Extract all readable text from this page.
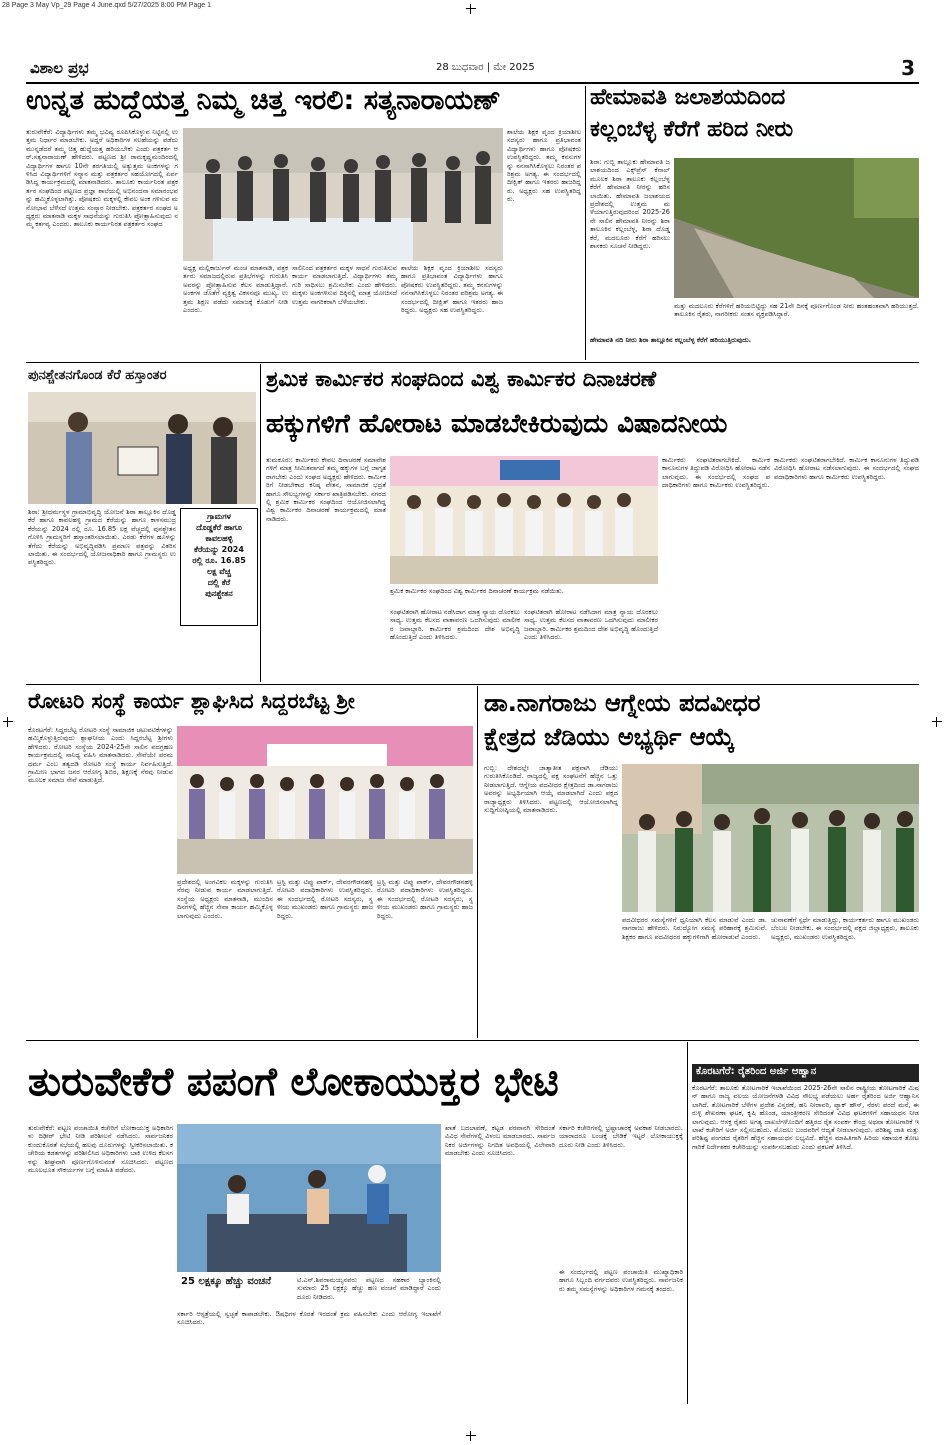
28 Page 3 May Vp_29 Page 4 June.qxd 5/27/2025 8:00 PM Page 1
ವಿಶಾಲ ಪ್ರಭ	28 ಬುಧವಾರ | ಮೇ 2025	3
ಉನ್ನತ ಹುದ್ದೆಯತ್ತ ನಿಮ್ಮ ಚಿತ್ತ ಇರಲಿ: ಸತ್ಯನಾರಾಯಣ್
ತುರುವೇಕೆರೆ: ವಿದ್ಯಾರ್ಥಿಗಳು ತಮ್ಮ ಭವಿಷ್ಯ ರೂಪಿಸಿಕೊಳ್ಳುವ ನಿಟ್ಟಿನಲ್ಲಿ ಉತ್ತಮ ನಿರ್ಧಾರ ಮಾಡಬೇಕು. ಅದ್ದರೆ ಅಧಿಕಾರಿಗಳ ಸಲಹೆಯನ್ನು ಪಡೆದು ಮುನ್ನಡೆದರೆ ತಮ್ಮ ಚಿತ್ತ ಹುದ್ದೆಯತ್ತ ಹರಿಯಬೇಕು ಎಂದು ಪತ್ರಕರ್ತ ಆರ್.ಸತ್ಯನಾರಾಯಣ್ ಹೇಳಿದರು. ಪಟ್ಟಣದ ಶ್ರೀ ರಾಮಕೃಷ್ಣಮಂದಿರದಲ್ಲಿ ವಿದ್ಯಾರ್ಥಿಗಳ ಹಾಗೂ 10ನೇ ತರಗತಿಯಲ್ಲಿ ಅತ್ಯುತ್ತಮ ಅಂಕಗಳನ್ನು ಗಳಿಸಿದ ವಿದ್ಯಾರ್ಥಿಗಳಿಗೆ ಸನ್ಮಾನ ಮತ್ತು ಪತ್ರಕರ್ತರ ಸಹಯೋಗದಲ್ಲಿ ಏರ್ಪಡಿಸಿದ್ದ ಕಾರ್ಯಕ್ರಮದಲ್ಲಿ ಮಾತನಾಡಿದರು. ತಾಲೂಕು ಕಾರ್ಯನಿರತ ಪತ್ರಕರ್ತರ ಸಂಘದಿಂದ ಪಟ್ಟಣದ ಪ್ರಜ್ಞಾ ಶಾಲೆಯಲ್ಲಿ ಅಭಿನಂದನಾ ಸಮಾರಂಭವನ್ನು ಹಮ್ಮಿಕೊಳ್ಳಲಾಗಿತ್ತು. ಪೋಷಕರು ಮಕ್ಕಳಲ್ಲಿ ಕೇವಲ ಅಂಕ ಗಳಿಸುವ ಮನೋಭಾವ ಬೆಳೆಸದೆ ಉತ್ತಮ ಸಂಸ್ಕಾರ ನೀಡಬೇಕು. ಪತ್ರಕರ್ತರ ಸಂಘದ ಅಧ್ಯಕ್ಷರು ಮಾತನಾಡಿ ಮಕ್ಕಳ ಸಾಧನೆಯನ್ನು ಗುರುತಿಸಿ ಪ್ರೋತ್ಸಾಹಿಸುವುದು ನಮ್ಮ ಕರ್ತವ್ಯ ಎಂದರು. ತಾಲೂಕು ಕಾರ್ಯನಿರತ ಪತ್ರಕರ್ತರ ಸಂಘದ
ಅಧ್ಯಕ್ಷ ಮಲ್ಲಿಕಾರ್ಜುನ್ ಮಂಚ ಮಾತನಾಡಿ, ಪತ್ರಕರ್ತರು ಸಮಾಜದಲ್ಲಿರುವ ಪ್ರತಿಭೆಗಳನ್ನು ಗುರುತಿಸಿ ಅವರನ್ನು ಪ್ರೋತ್ಸಾಹಿಸುವ ಕೆಲಸ ಮಾಡುತ್ತಿದ್ದಾರೆ. ಅಂಕಗಳ ಜೊತೆಗೆ ವ್ಯಕ್ತಿತ್ವ ವಿಕಸನವೂ ಮುಖ್ಯ. ಉತ್ತಮ ಶಿಕ್ಷಣ ಪಡೆದು ಸಮಾಜಕ್ಕೆ ಕೊಡುಗೆ ನೀಡಿ ಎಂದರು.
ಸಾಲಿನಿಂದ ಪತ್ರಕರ್ತರ ಮಕ್ಕಳ ಸಾಧನೆ ಗುರುತಿಸುವ ಕಾರ್ಯ ಮಾಡಲಾಗುತ್ತಿದೆ. ವಿದ್ಯಾರ್ಥಿಗಳು ತಮ್ಮ ಗುರಿ ಸಾಧಿಸಲು ಶ್ರಮಿಸಬೇಕು ಎಂದು ಹೇಳಿದರು. ಮಕ್ಕಳು ಅಂಕಗಳಿಸುವ ದಿಕ್ಕಿನಲ್ಲಿ ಮಾತ್ರ ಯೋಚಿಸದೆ ಉತ್ತಮ ನಾಗರಿಕರಾಗಿ ಬೆಳೆಯಬೇಕು.
ಶಾಲೆಯ ಶಿಕ್ಷಕ ವೃಂದ ಕ್ರಿಯಾಶೀಲ ಸದಸ್ಯರು ಹಾಗೂ ಪ್ರತಿಭಾವಂತ ವಿದ್ಯಾರ್ಥಿಗಳು ಹಾಗೂ ಪೋಷಕರು ಉಪಸ್ಥಿತರಿದ್ದರು. ತಮ್ಮ ಕನಸುಗಳನ್ನು ನನಸಾಗಿಸಿಕೊಳ್ಳಲು ನಿರಂತರ ಪರಿಶ್ರಮ ಅಗತ್ಯ. ಈ ಸಂದರ್ಭದಲ್ಲಿ ದೀಕ್ಷಿತ್ ಹಾಗೂ ಇತರರು ಹಾಜರಿದ್ದರು. ಅಧ್ಯಕ್ಷರು ಸಹ ಉಪಸ್ಥಿತರಿದ್ದರು.
ಶಾಲೆಯ ಶಿಕ್ಷಕ ವೃಂದ ಕ್ರಿಯಾಶೀಲ ಸದಸ್ಯರು ಹಾಗೂ ಪ್ರತಿಭಾವಂತ ವಿದ್ಯಾರ್ಥಿಗಳು ಹಾಗೂ ಪೋಷಕರು ಉಪಸ್ಥಿತರಿದ್ದರು. ತಮ್ಮ ಕನಸುಗಳನ್ನು ನನಸಾಗಿಸಿಕೊಳ್ಳಲು ನಿರಂತರ ಪರಿಶ್ರಮ ಅಗತ್ಯ. ಈ ಸಂದರ್ಭದಲ್ಲಿ ದೀಕ್ಷಿತ್ ಹಾಗೂ ಇತರರು ಹಾಜರಿದ್ದರು. ಅಧ್ಯಕ್ಷರು ಸಹ ಉಪಸ್ಥಿತರಿದ್ದರು.
ಹೇಮಾವತಿ ಜಲಾಶಯದಿಂದ
ಕಲ್ಲಂಬೆಳ್ಳ ಕೆರೆಗೆ ಹರಿದ ನೀರು
ಶಿರಾ: ಗುಬ್ಬಿ ತಾಲ್ಲೂಕು ಹೇಮಾವತಿ ಜಲಾಶಯದಿಂದ ಎಕ್ಸ್‌ಪ್ರೆಸ್ ಕೆನಾಲ್ ಮೂಲಕ ಶಿರಾ ತಾಲೂಕು ಕಲ್ಲಂಬೆಳ್ಳ ಕೆರೆಗೆ ಹೇಮಾವತಿ ನೀರನ್ನು ಹರಿಸಲಾಯಿತು. ಹೇಮಾವತಿ ಜಲಾಶಯದ ಪ್ರದೇಶದಲ್ಲಿ ಉತ್ತಮ ಮಳೆಯಾಗುತ್ತಿರುವುದರಿಂದ 2025-26ನೇ ಸಾಲಿನ ಹೇಮಾವತಿ ನೀರನ್ನು ಶಿರಾ ತಾಲೂಕಿನ ಕಲ್ಲಂಬೆಳ್ಳ, ಶಿರಾ ದೊಡ್ಡ ಕೆರೆ, ಮದಲೂರು ಕೆರೆಗೆ ಹರಿಸಲು ಶಾಸಕರು ಸೂಚನೆ ನೀಡಿದ್ದರು.
ಮತ್ತು ಮದಲೂರು ಕೆರೆಗಳಿಗೆ ಹರಿಯಬಿಟ್ಟಿದ್ದು ಸಹ 21ನೇ ದಿನಕ್ಕೆ ಪೂರ್ಣಗೊಂಡ ನೀರು ಹಂತಹಂತವಾಗಿ ಹರಿಯುತ್ತದೆ. ತಾಲೂಕಿನ ರೈತರು, ನಾಗರೀಕರು ಸಂತಸ ವ್ಯಕ್ತಪಡಿಸಿದ್ದಾರೆ.
ಹೇಮಾವತಿ ನದಿ ನೀರು ಶಿರಾ ತಾಲ್ಲೂಕಿನ ಕಲ್ಲಂಬೆಳ್ಳ ಕೆರೆಗೆ ಹರಿಯುತ್ತಿರುವುದು.
ಪುನಶ್ಚೇತನಗೊಂಡ ಕೆರೆ ಹಸ್ತಾಂತರ
ಶಿರಾ: ಶ್ರೀಧರ್ಮಸ್ಥಳ ಗ್ರಾಮಾಭಿವೃದ್ಧಿ ಯೋಜನೆ ಶಿರಾ ತಾಲ್ಲೂಕಿನ ದೊಡ್ಡಕೆರೆ ಹಾಗೂ ಕಾವಲಹಳ್ಳಿ ಗ್ರಾಮದ ಕೆರೆಯನ್ನು ಹಾಗೂ ಕಾಳಸಮುದ್ರ ಕೆರೆಯನ್ನು 2024 ರಲ್ಲಿ ರೂ. 16.85 ಲಕ್ಷ ವೆಚ್ಚದಲ್ಲಿ ಪುನಶ್ಚೇತನಗೊಳಿಸಿ ಗ್ರಾಮಸ್ಥರಿಗೆ ಹಸ್ತಾಂತರಿಸಲಾಯಿತು. ಎರಡು ಕೆರೆಗಳ ಹೂಳನ್ನು ತೆಗೆದು ಕೆರೆಯನ್ನು ಅಭಿವೃದ್ಧಿಪಡಿಸಿ ಪ್ರಮಾಣ ಪತ್ರವನ್ನು ವಿತರಿಸಲಾಯಿತು. ಈ ಸಂದರ್ಭದಲ್ಲಿ ಯೋಜನಾಧಿಕಾರಿ ಹಾಗೂ ಗ್ರಾಮಸ್ಥರು ಉಪಸ್ಥಿತರಿದ್ದರು.
ಗ್ರಾಮಗಳ
ದೊಡ್ಡಕೆರೆ ಹಾಗೂ
ಕಾವಲಹಳ್ಳಿ
ಕೆರೆಯನ್ನು 2024
ರಲ್ಲಿ ರೂ. 16.85
ಲಕ್ಷ ವೆಚ್ಚ
ದಲ್ಲಿ ಕೆರೆ
ಪುನಶ್ಚೇತನ
ಶ್ರಮಿಕ ಕಾರ್ಮಿಕರ ಸಂಘದಿಂದ ವಿಶ್ವ ಕಾರ್ಮಿಕರ ದಿನಾಚರಣೆ
ಹಕ್ಕುಗಳಿಗೆ ಹೋರಾಟ ಮಾಡಬೇಕಿರುವುದು ವಿಷಾದನೀಯ
ತುಮಕೂರು: ಕಾರ್ಮಿಕರು ಕೇವಲ ದಿನಾಚರಣೆ ಸಮಾವೇಶಗಳಿಗೆ ಮಾತ್ರ ಸೀಮಿತವಾಗದೆ ತಮ್ಮ ಹಕ್ಕುಗಳ ಬಗ್ಗೆ ಜಾಗೃತರಾಗಬೇಕು ಎಂದು ಸಂಘದ ಅಧ್ಯಕ್ಷರು ಹೇಳಿದರು. ಕಾರ್ಮಿಕರಿಗೆ ನೀಡಬೇಕಾದ ಕನಿಷ್ಠ ವೇತನ, ಸಾಮಾಜಿಕ ಭದ್ರತೆ ಹಾಗೂ ಸೌಲಭ್ಯಗಳನ್ನು ಸರ್ಕಾರ ಖಾತ್ರಿಪಡಿಸಬೇಕು. ನಗರದಲ್ಲಿ ಶ್ರಮಿಕ ಕಾರ್ಮಿಕರ ಸಂಘದಿಂದ ಆಯೋಜಿಸಲಾಗಿದ್ದ ವಿಶ್ವ ಕಾರ್ಮಿಕರ ದಿನಾಚರಣೆ ಕಾರ್ಯಕ್ರಮದಲ್ಲಿ ಮಾತನಾಡಿದರು.
ಶ್ರಮಿಕ ಕಾರ್ಮಿಕರ ಸಂಘದಿಂದ ವಿಶ್ವ ಕಾರ್ಮಿಕರ ದಿನಾಚರಣೆ ಕಾರ್ಯಕ್ರಮ ನಡೆಯಿತು.
ಸಂಘಟಿತರಾಗಿ ಹೋರಾಟ ನಡೆಸಿದಾಗ ಮಾತ್ರ ನ್ಯಾಯ ದೊರಕಲು ಸಾಧ್ಯ. ಉತ್ತಮ ಕೆಲಸದ ವಾತಾವರಣ ಒದಗಿಸುವುದು ಮಾಲೀಕರ ಜವಾಬ್ದಾರಿ. ಕಾರ್ಮಿಕರ ಶ್ರಮದಿಂದ ದೇಶ ಅಭಿವೃದ್ಧಿ ಹೊಂದುತ್ತಿದೆ ಎಂದು ತಿಳಿಸಿದರು.
ಸಂಘಟಿತರಾಗಿ ಹೋರಾಟ ನಡೆಸಿದಾಗ ಮಾತ್ರ ನ್ಯಾಯ ದೊರಕಲು ಸಾಧ್ಯ. ಉತ್ತಮ ಕೆಲಸದ ವಾತಾವರಣ ಒದಗಿಸುವುದು ಮಾಲೀಕರ ಜವಾಬ್ದಾರಿ. ಕಾರ್ಮಿಕರ ಶ್ರಮದಿಂದ ದೇಶ ಅಭಿವೃದ್ಧಿ ಹೊಂದುತ್ತಿದೆ ಎಂದು ತಿಳಿಸಿದರು.
ಕಾರ್ಮಿಕರು ಸಂಘಟಿತರಾಗಬೇಕಿದೆ. ಕಾರ್ಮಿಕ ಕಾನೂನುಗಳ ತಿದ್ದುಪಡಿ ವಿರೋಧಿಸಿ ಹೋರಾಟ ನಡೆಸಲಾಗುವುದು. ಈ ಸಂದರ್ಭದಲ್ಲಿ ಸಂಘದ ಪದಾಧಿಕಾರಿಗಳು ಹಾಗೂ ಕಾರ್ಮಿಕರು ಉಪಸ್ಥಿತರಿದ್ದರು.
ಕಾರ್ಮಿಕರು ಸಂಘಟಿತರಾಗಬೇಕಿದೆ. ಕಾರ್ಮಿಕ ಕಾನೂನುಗಳ ತಿದ್ದುಪಡಿ ವಿರೋಧಿಸಿ ಹೋರಾಟ ನಡೆಸಲಾಗುವುದು. ಈ ಸಂದರ್ಭದಲ್ಲಿ ಸಂಘದ ಪದಾಧಿಕಾರಿಗಳು ಹಾಗೂ ಕಾರ್ಮಿಕರು ಉಪಸ್ಥಿತರಿದ್ದರು.
ರೋಟರಿ ಸಂಸ್ಥೆ ಕಾರ್ಯ ಶ್ಲಾಘಿಸಿದ ಸಿದ್ದರಬೆಟ್ಟ ಶ್ರೀ
ಕೊರಟಗೆರೆ: ಸಿದ್ದರಬೆಟ್ಟ ರೋಟರಿ ಸಂಸ್ಥೆ ಸಾಮಾಜಿಕ ಚಟುವಟಿಕೆಗಳನ್ನು ಹಮ್ಮಿಕೊಳ್ಳುತ್ತಿರುವುದು ಶ್ಲಾಘನೀಯ ಎಂದು ಸಿದ್ದರಬೆಟ್ಟ ಶ್ರೀಗಳು ಹೇಳಿದರು. ರೋಟರಿ ಸಂಸ್ಥೆಯ 2024-25ನೇ ಸಾಲಿನ ಪದಗ್ರಹಣ ಕಾರ್ಯಕ್ರಮದಲ್ಲಿ ಸಾನಿಧ್ಯ ವಹಿಸಿ ಮಾತನಾಡಿದರು. ಸೇವೆಯೇ ಪರಮ ಧರ್ಮ ಎಂಬ ತತ್ವದಡಿ ರೋಟರಿ ಸಂಸ್ಥೆ ಕಾರ್ಯ ನಿರ್ವಹಿಸುತ್ತಿದೆ. ಗ್ರಾಮೀಣ ಭಾಗದ ಜನರ ಆರೋಗ್ಯ ಶಿಬಿರ, ಶಿಕ್ಷಣಕ್ಕೆ ನೆರವು ನೀಡುವ ಮೂಲಕ ಸಮಾಜ ಸೇವೆ ಮಾಡುತ್ತಿದೆ.
ಪ್ರದೇಶದಲ್ಲಿ ಅಂಗವಿಕಲ ಮಕ್ಕಳನ್ನು ಗುರುತಿಸಿ ನೆರವು ನೀಡುವ ಕಾರ್ಯ ಮಾಡಲಾಗುತ್ತಿದೆ. ಸಂಸ್ಥೆಯ ಅಧ್ಯಕ್ಷರು ಮಾತನಾಡಿ, ಮುಂದಿನ ದಿನಗಳಲ್ಲಿ ಹೆಚ್ಚಿನ ಸೇವಾ ಕಾರ್ಯ ಹಮ್ಮಿಕೊಳ್ಳಲಾಗುವುದು ಎಂದರು.
ಟ್ರಸ್ಟಿ ಮತ್ತು ಟಿಪ್ಪು ಪಾರ್ಕ್‌, ದೇವರಗೌಡನಹಳ್ಳಿ ರೋಟರಿ ಪದಾಧಿಕಾರಿಗಳು ಉಪಸ್ಥಿತರಿದ್ದರು. ಈ ಸಂದರ್ಭದಲ್ಲಿ ರೋಟರಿ ಸದಸ್ಯರು, ಸ್ಥಳೀಯ ಮುಖಂಡರು ಹಾಗೂ ಗ್ರಾಮಸ್ಥರು ಹಾಜರಿದ್ದರು.
ಟ್ರಸ್ಟಿ ಮತ್ತು ಟಿಪ್ಪು ಪಾರ್ಕ್‌, ದೇವರಗೌಡನಹಳ್ಳಿ ರೋಟರಿ ಪದಾಧಿಕಾರಿಗಳು ಉಪಸ್ಥಿತರಿದ್ದರು. ಈ ಸಂದರ್ಭದಲ್ಲಿ ರೋಟರಿ ಸದಸ್ಯರು, ಸ್ಥಳೀಯ ಮುಖಂಡರು ಹಾಗೂ ಗ್ರಾಮಸ್ಥರು ಹಾಜರಿದ್ದರು.
ಡಾ.ನಾಗರಾಜು ಆಗ್ನೇಯ ಪದವೀಧರ
ಕ್ಷೇತ್ರದ ಜೆಡಿಯು ಅಭ್ಯರ್ಥಿ ಆಯ್ಕೆ
ಗುಬ್ಬಿ: ದೇಶದಲ್ಲೇ ಜಾತ್ಯಾತೀತ ಪಕ್ಷವಾಗಿ ಜೆಡಿಯು ಗುರುತಿಸಿಕೊಂಡಿದೆ. ರಾಜ್ಯದಲ್ಲಿ ಪಕ್ಷ ಸಂಘಟನೆಗೆ ಹೆಚ್ಚಿನ ಒತ್ತು ನೀಡಲಾಗುತ್ತಿದೆ. ಆಗ್ನೇಯ ಪದವೀಧರ ಕ್ಷೇತ್ರದಿಂದ ಡಾ.ನಾಗರಾಜು ಅವರನ್ನು ಅಭ್ಯರ್ಥಿಯಾಗಿ ಆಯ್ಕೆ ಮಾಡಲಾಗಿದೆ ಎಂದು ಪಕ್ಷದ ರಾಜ್ಯಾಧ್ಯಕ್ಷರು ತಿಳಿಸಿದರು. ಪಟ್ಟಣದಲ್ಲಿ ಆಯೋಜಿಸಲಾಗಿದ್ದ ಸುದ್ದಿಗೋಷ್ಠಿಯಲ್ಲಿ ಮಾತನಾಡಿದರು.
ಪದವೀಧರರ ಸಮಸ್ಯೆಗಳಿಗೆ ಧ್ವನಿಯಾಗಿ ಕೆಲಸ ಮಾಡುವೆ ಎಂದು ಡಾ.ನಾಗರಾಜು ಹೇಳಿದರು. ನಿರುದ್ಯೋಗ ಸಮಸ್ಯೆ ಪರಿಹಾರಕ್ಕೆ ಶ್ರಮಿಸುವೆ. ಶಿಕ್ಷಕರ ಹಾಗೂ ಪದವೀಧರರ ಹಕ್ಕುಗಳಿಗಾಗಿ ಹೋರಾಡುವೆ ಎಂದರು.
ಚುನಾವಣೆಗೆ ಸ್ಪರ್ಧೆ ಮಾಡುತ್ತಿದ್ದು, ಕಾರ್ಯಕರ್ತರು ಹಾಗೂ ಮುಖಂಡರು ಬೆಂಬಲ ನೀಡಬೇಕು. ಈ ಸಂದರ್ಭದಲ್ಲಿ ಪಕ್ಷದ ಜಿಲ್ಲಾಧ್ಯಕ್ಷರು, ತಾಲೂಕು ಅಧ್ಯಕ್ಷರು, ಮುಖಂಡರು ಉಪಸ್ಥಿತರಿದ್ದರು.
ತುರುವೇಕೆರೆ ಪಪಂಗೆ ಲೋಕಾಯುಕ್ತರ ಭೇಟಿ
ತುರುವೇಕೆರೆ: ಪಟ್ಟಣ ಪಂಚಾಯಿತಿ ಕಚೇರಿಗೆ ಲೋಕಾಯುಕ್ತ ಅಧಿಕಾರಿಗಳು ದಿಢೀರ್ ಭೇಟಿ ನೀಡಿ ಪರಿಶೀಲನೆ ನಡೆಸಿದರು. ಸಾರ್ವಜನಿಕರ ಕುಂದುಕೊರತೆ ಸಭೆಯಲ್ಲಿ ಹಲವು ದೂರುಗಳನ್ನು ಸ್ವೀಕರಿಸಲಾಯಿತು. ಕಚೇರಿಯ ಕಡತಗಳನ್ನು ಪರಿಶೀಲಿಸಿದ ಅಧಿಕಾರಿಗಳು ಬಾಕಿ ಉಳಿದ ಕೆಲಸಗಳನ್ನು ಶೀಘ್ರವಾಗಿ ಪೂರ್ಣಗೊಳಿಸುವಂತೆ ಸೂಚಿಸಿದರು. ಪಟ್ಟಣದ ಮೂಲಭೂತ ಸೌಕರ್ಯಗಳ ಬಗ್ಗೆ ಮಾಹಿತಿ ಪಡೆದರು.
25 ಲಕ್ಷಕ್ಕೂ ಹೆಚ್ಚು ವಂಚನೆ	ಟಿ.ಎನ್.ಶಿವರಾಮಯ್ಯನವರು ಪಟ್ಟಣದ ಸಹಕಾರ ಬ್ಯಾಂಕಿನಲ್ಲಿ ಸುಮಾರು 25 ಲಕ್ಷಕ್ಕೂ ಹೆಚ್ಚು ಹಣ ವಂಚನೆ ಮಾಡಿದ್ದಾರೆ ಎಂದು ದೂರು ನೀಡಿದರು.
ಸರ್ಕಾರಿ ಆಸ್ಪತ್ರೆಯಲ್ಲಿ ಸ್ವಚ್ಛತೆ ಕಾಪಾಡಬೇಕು. ಔಷಧಿಗಳ ಕೊರತೆ ಇರದಂತೆ ಕ್ರಮ ವಹಿಸಬೇಕು ಎಂದು ಆರೋಗ್ಯ ಇಲಾಖೆಗೆ ಸೂಚಿಸಿದರು.
ಖಾತೆ ಬದಲಾವಣೆ, ಕಟ್ಟಡ ಪರವಾನಗಿ ಸೇರಿದಂತೆ ವಿವಿಧ ಸೇವೆಗಳಲ್ಲಿ ವಿಳಂಬ ಮಾಡಬಾರದು. ಸಾರ್ವಜನಿಕರ ಅರ್ಜಿಗಳನ್ನು ನಿಗದಿತ ಅವಧಿಯಲ್ಲಿ ವಿಲೇವಾರಿ ಮಾಡಬೇಕು ಎಂದು ಸೂಚಿಸಿದರು.
ಸರ್ಕಾರಿ ಕಚೇರಿಗಳಲ್ಲಿ ಭ್ರಷ್ಟಾಚಾರಕ್ಕೆ ಅವಕಾಶ ನೀಡಬಾರದು. ಯಾರಾದರೂ ಲಂಚಕ್ಕೆ ಬೇಡಿಕೆ ಇಟ್ಟರೆ ಲೋಕಾಯುಕ್ತಕ್ಕೆ ದೂರು ನೀಡಿ ಎಂದು ತಿಳಿಸಿದರು.
ಈ ಸಂದರ್ಭದಲ್ಲಿ ಪಟ್ಟಣ ಪಂಚಾಯಿತಿ ಮುಖ್ಯಾಧಿಕಾರಿ ಹಾಗೂ ಸಿಬ್ಬಂದಿ ವರ್ಗದವರು ಉಪಸ್ಥಿತರಿದ್ದರು. ಸಾರ್ವಜನಿಕರು ತಮ್ಮ ಸಮಸ್ಯೆಗಳನ್ನು ಅಧಿಕಾರಿಗಳ ಗಮನಕ್ಕೆ ತಂದರು.
ಕೊರಟಗೆರೆ: ರೈತರಿಂದ ಅರ್ಜಿ ಆಹ್ವಾನ
ಕೊರಟಗೆರೆ: ತಾಲೂಕು ತೋಟಗಾರಿಕೆ ಇಲಾಖೆಯಿಂದ 2025-26ನೇ ಸಾಲಿನ ರಾಷ್ಟ್ರೀಯ ತೋಟಗಾರಿಕೆ ಮಿಷನ್ ಹಾಗೂ ರಾಜ್ಯ ವಲಯ ಯೋಜನೆಗಳಡಿ ವಿವಿಧ ಸೌಲಭ್ಯ ಪಡೆಯಲು ಅರ್ಹ ರೈತರಿಂದ ಅರ್ಜಿ ಆಹ್ವಾನಿಸಲಾಗಿದೆ. ತೋಟಗಾರಿಕೆ ಬೆಳೆಗಳ ಪ್ರದೇಶ ವಿಸ್ತರಣೆ, ಹನಿ ನೀರಾವರಿ, ಪ್ಯಾಕ್ ಹೌಸ್, ನೆರಳು ಪರದೆ ಮನೆ, ಈರುಳ್ಳಿ ಶೇಖರಣಾ ಘಟಕ, ಕೃಷಿ ಹೊಂಡ, ಯಾಂತ್ರೀಕರಣ ಸೇರಿದಂತೆ ವಿವಿಧ ಘಟಕಗಳಿಗೆ ಸಹಾಯಧನ ನೀಡಲಾಗುವುದು. ಆಸಕ್ತ ರೈತರು ಅಗತ್ಯ ದಾಖಲೆಗಳೊಂದಿಗೆ ಹತ್ತಿರದ ರೈತ ಸಂಪರ್ಕ ಕೇಂದ್ರ ಅಥವಾ ತೋಟಗಾರಿಕೆ ಇಲಾಖೆ ಕಚೇರಿಗೆ ಅರ್ಜಿ ಸಲ್ಲಿಸಬಹುದು. ಮೊದಲು ಬಂದವರಿಗೆ ಆದ್ಯತೆ ನೀಡಲಾಗುವುದು. ಪರಿಶಿಷ್ಟ ಜಾತಿ ಮತ್ತು ಪರಿಶಿಷ್ಟ ಪಂಗಡದ ರೈತರಿಗೆ ಹೆಚ್ಚಿನ ಸಹಾಯಧನ ಲಭ್ಯವಿದೆ. ಹೆಚ್ಚಿನ ಮಾಹಿತಿಗಾಗಿ ಹಿರಿಯ ಸಹಾಯಕ ತೋಟಗಾರಿಕೆ ನಿರ್ದೇಶಕರ ಕಚೇರಿಯನ್ನು ಸಂಪರ್ಕಿಸಬಹುದು ಎಂದು ಪ್ರಕಟಣೆ ತಿಳಿಸಿದೆ.
